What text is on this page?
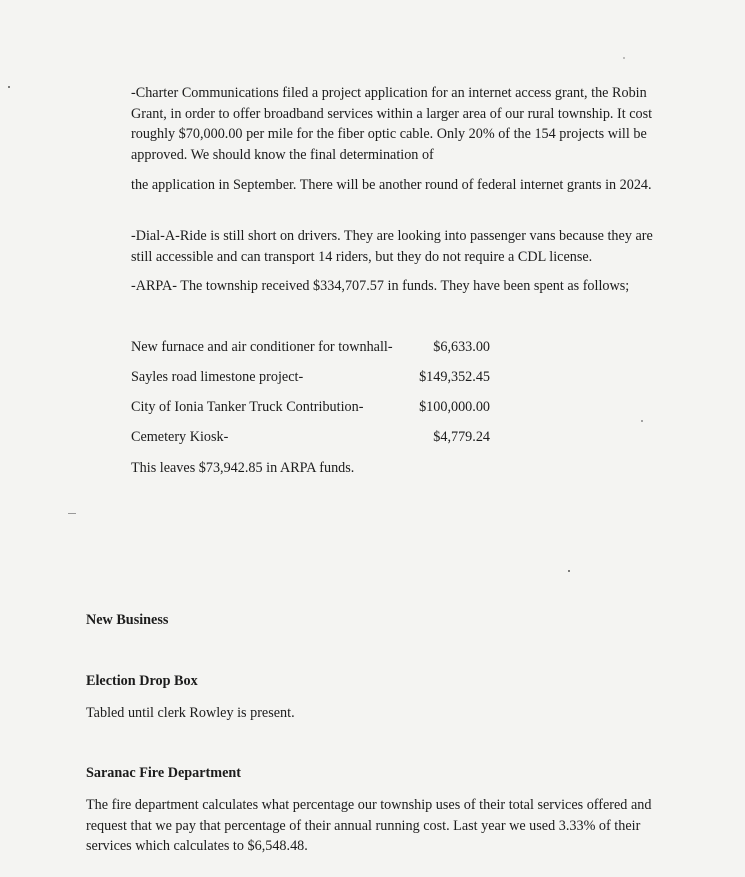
-Charter Communications filed a project application for an internet access grant, the Robin Grant, in order to offer broadband services within a larger area of our rural township. It cost roughly $70,000.00 per mile for the fiber optic cable. Only 20% of the 154 projects will be approved. We should know the final determination of

the application in September. There will be another round of federal internet grants in 2024.

-Dial-A-Ride is still short on drivers. They are looking into passenger vans because they are still accessible and can transport 14 riders, but they do not require a CDL license.

-ARPA- The township received $334,707.57 in funds. They have been spent as follows;

New furnace and air conditioner for townhall-	$6,633.00
Sayles road limestone project-	$149,352.45
City of Ionia Tanker Truck Contribution-	$100,000.00
Cemetery Kiosk-	$4,779.24

This leaves $73,942.85 in ARPA funds.

New Business

Election Drop Box

Tabled until clerk Rowley is present.

Saranac Fire Department

The fire department calculates what percentage our township uses of their total services offered and request that we pay that percentage of their annual running cost. Last year we used 3.33% of their services which calculates to $6,548.48.
